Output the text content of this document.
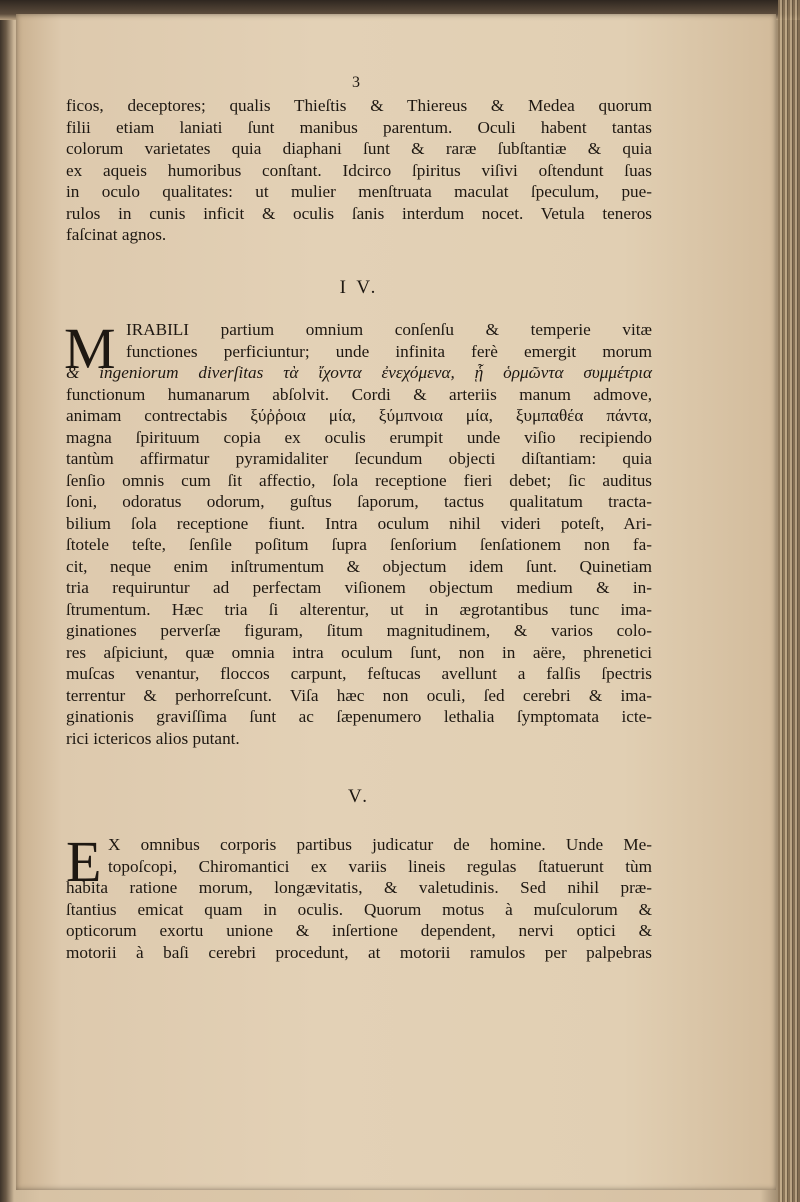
3
ficos, deceptores; qualis Thieſtis & Thiereus & Medea quorum
filii etiam laniati ſunt manibus parentum. Oculi habent tantas
colorum varietates quia diaphani ſunt & raræ ſubſtantiæ & quia
ex aqueis humoribus conſtant. Idcirco ſpiritus viſivi oſtendunt ſuas
in oculo qualitates: ut mulier menſtruata maculat ſpeculum, pue-
rulos in cunis inficit & oculis ſanis interdum nocet. Vetula teneros
faſcinat agnos.
I V.
M IRABILI partium omnium conſenſu & temperie vitæ
functiones perficiuntur; unde infinita ferè emergit morum
& ingeniorum diverſitas τὰ ἴχοντα ἐνεχόμενα, ᾗ ὁρμῶντα συμμέτρια
functionum humanarum abſolvit. Cordi & arteriis manum admove,
animam contrectabis ξύῤῥοια μία, ξύμπνοια μία, ξυμπαθέα πάντα,
magna ſpirituum copia ex oculis erumpit unde viſio recipiendo
tantùm affirmatur pyramidaliter ſecundum objecti diſtantiam: quia
ſenſio omnis cum ſit affectio, ſola receptione fieri debet; ſic auditus
ſoni, odoratus odorum, guſtus ſaporum, tactus qualitatum tracta-
bilium ſola receptione fiunt. Intra oculum nihil videri poteſt, Ari-
ſtotele teſte, ſenſile poſitum ſupra ſenſorium ſenſationem non fa-
cit, neque enim inſtrumentum & objectum idem ſunt. Quinetiam
tria requiruntur ad perfectam viſionem objectum medium & in-
ſtrumentum. Hæc tria ſi alterentur, ut in ægrotantibus tunc ima-
ginationes perverſæ figuram, ſitum magnitudinem, & varios colo-
res aſpiciunt, quæ omnia intra oculum ſunt, non in aëre, phrenetici
muſcas venantur, floccos carpunt, feſtucas avellunt a falſis ſpectris
terrentur & perhorreſcunt. Viſa hæc non oculi, ſed cerebri & ima-
ginationis graviſſima ſunt ac ſæpenumero lethalia ſymptomata icte-
rici ictericos alios putant.
V.
E X omnibus corporis partibus judicatur de homine. Unde Me-
topoſcopi, Chiromantici ex variis lineis regulas ſtatuerunt tùm
habita ratione morum, longævitatis, & valetudinis. Sed nihil præ-
ſtantius emicat quam in oculis. Quorum motus à muſculorum &
opticorum exortu unione & inſertione dependent, nervi optici &
motorii à baſi cerebri procedunt, at motorii ramulos per palpebras
